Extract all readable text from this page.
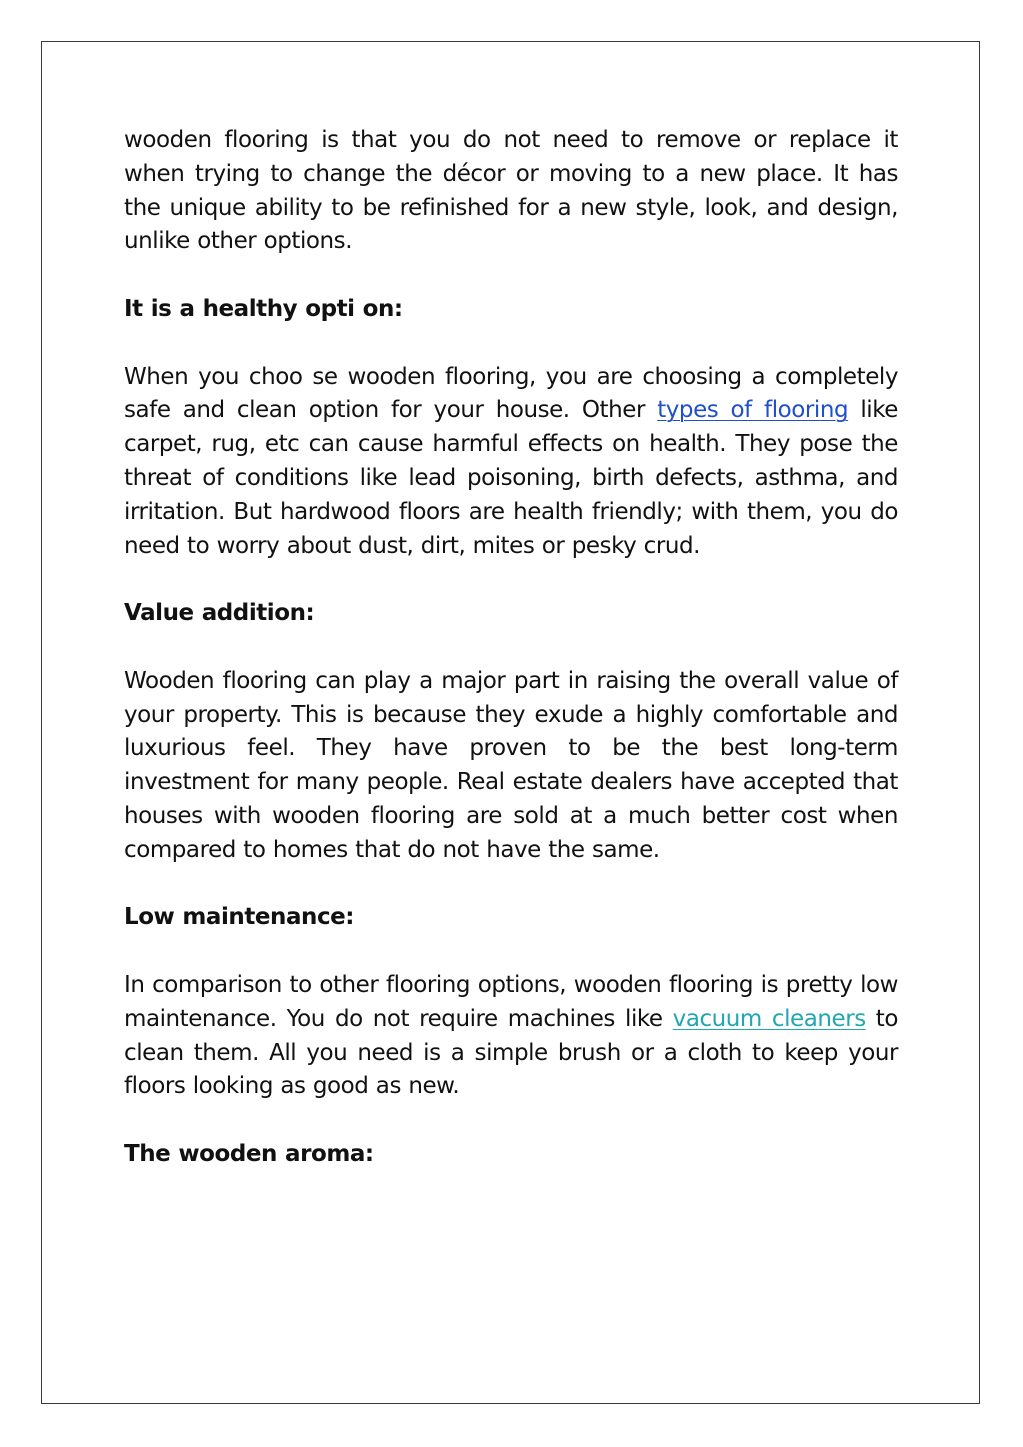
wooden flooring is that you do not need to remove or replace it when trying to change the décor or moving to a new place. It has the unique ability to be refinished for a new style, look, and design, unlike other options.

It is a healthy opti on:

When you choo se wooden flooring, you are choosing a completely safe and clean option for your house. Other types of flooring like carpet, rug, etc can cause harmful effects on health. They pose the threat of conditions like lead poisoning, birth defects, asthma, and irritation. But hardwood floors are health friendly; with them, you do need to worry about dust, dirt, mites or pesky crud.

Value addition:

Wooden flooring can play a major part in raising the overall value of your property. This is because they exude a highly comfortable and luxurious feel. They have proven to be the best long-term investment for many people. Real estate dealers have accepted that houses with wooden flooring are sold at a much better cost when compared to homes that do not have the same.

Low maintenance:

In comparison to other flooring options, wooden flooring is pretty low maintenance. You do not require machines like vacuum cleaners to clean them. All you need is a simple brush or a cloth to keep your floors looking as good as new.

The wooden aroma:
